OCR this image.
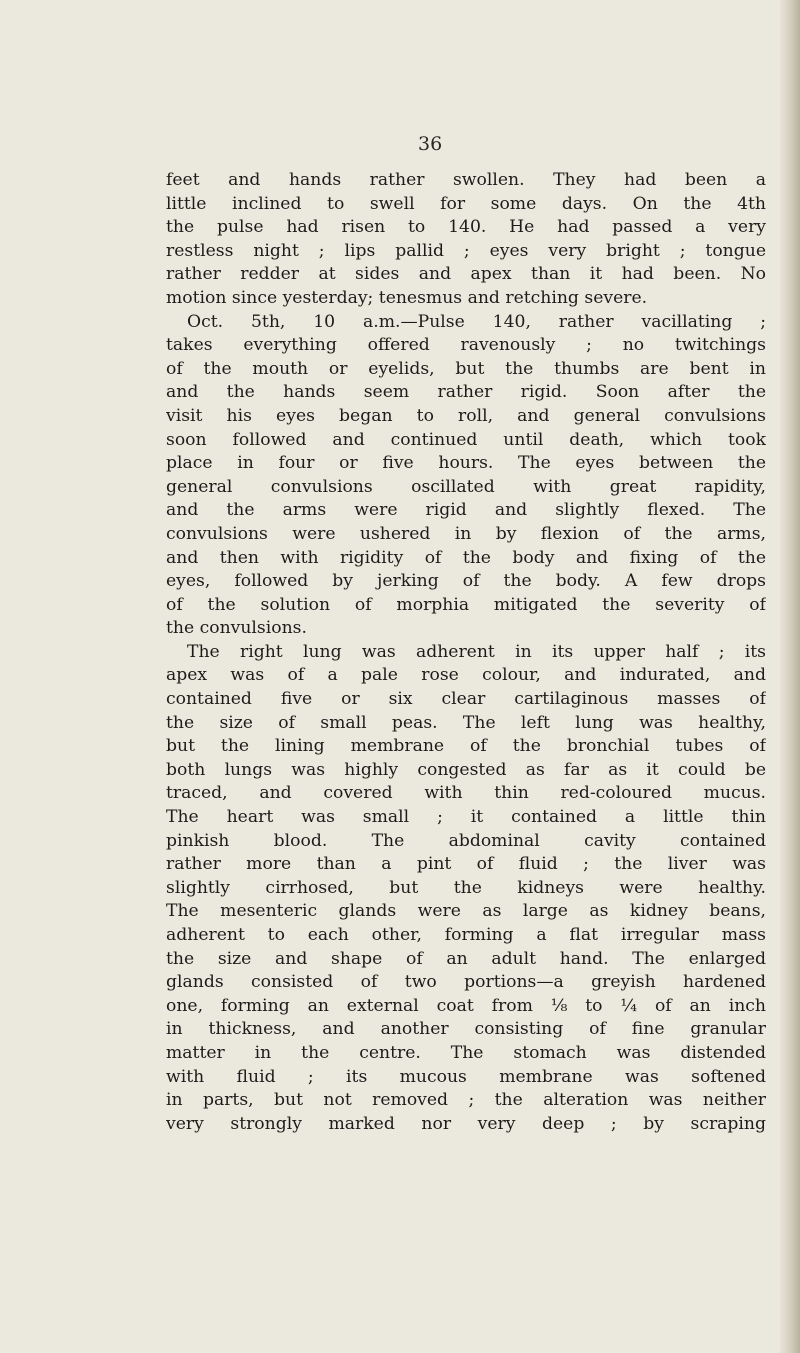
36
feet and hands rather swollen. They had been a
little inclined to swell for some days. On the 4th
the pulse had risen to 140. He had passed a very
restless night ; lips pallid ; eyes very bright ; tongue
rather redder at sides and apex than it had been. No
motion since yesterday; tenesmus and retching severe.
Oct. 5th, 10 a.m.—Pulse 140, rather vacillating ;
takes everything offered ravenously ; no twitchings
of the mouth or eyelids, but the thumbs are bent in
and the hands seem rather rigid. Soon after the
visit his eyes began to roll, and general convulsions
soon followed and continued until death, which took
place in four or five hours. The eyes between the
general convulsions oscillated with great rapidity,
and the arms were rigid and slightly flexed. The
convulsions were ushered in by flexion of the arms,
and then with rigidity of the body and fixing of the
eyes, followed by jerking of the body. A few drops
of the solution of morphia mitigated the severity of
the convulsions.
The right lung was adherent in its upper half ; its
apex was of a pale rose colour, and indurated, and
contained five or six clear cartilaginous masses of
the size of small peas. The left lung was healthy,
but the lining membrane of the bronchial tubes of
both lungs was highly congested as far as it could be
traced, and covered with thin red-coloured mucus.
The heart was small ; it contained a little thin
pinkish blood. The abdominal cavity contained
rather more than a pint of fluid ; the liver was
slightly cirrhosed, but the kidneys were healthy.
The mesenteric glands were as large as kidney beans,
adherent to each other, forming a flat irregular mass
the size and shape of an adult hand. The enlarged
glands consisted of two portions—a greyish hardened
one, forming an external coat from ⅛ to ¼ of an inch
in thickness, and another consisting of fine granular
matter in the centre. The stomach was distended
with fluid ; its mucous membrane was softened
in parts, but not removed ; the alteration was neither
very strongly marked nor very deep ; by scraping
